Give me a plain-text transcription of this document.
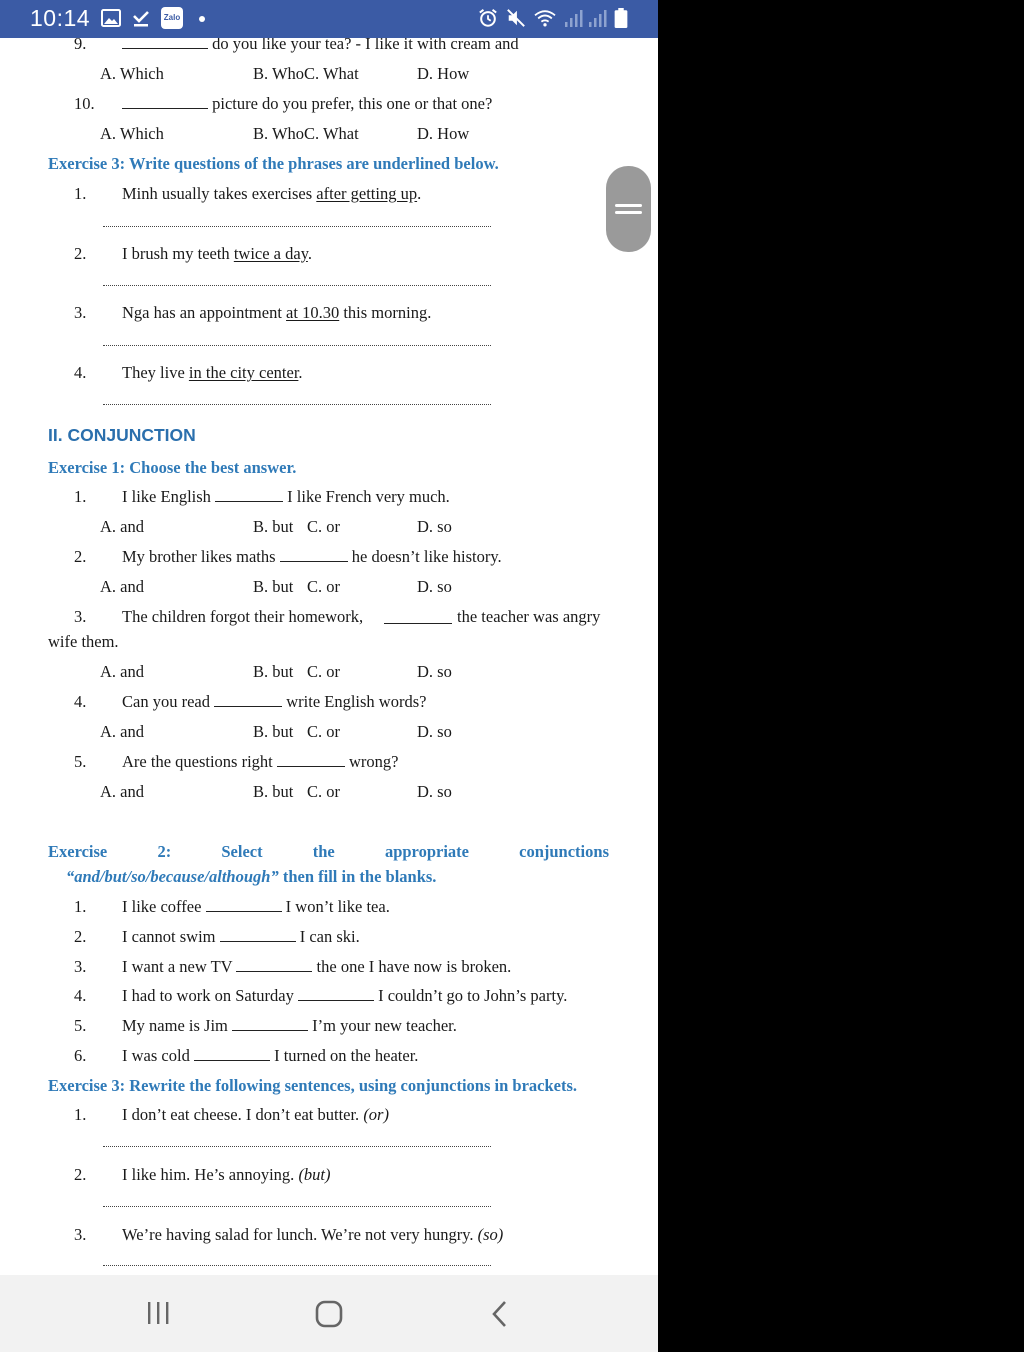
10:14	Zalo
9.	do you like your tea? - I like it with cream and
A. Which	B. WhoC. What	D. How
10.	picture do you prefer, this one or that one?
A. Which	B. WhoC. What	D. How
Exercise 3: Write questions of the phrases are underlined below.
1. Minh usually takes exercises after getting up.
2. I brush my teeth twice a day.
3. Nga has an appointment at 10.30 this morning.
4. They live in the city center.
II. CONJUNCTION
Exercise 1: Choose the best answer.
1. I like English	I like French very much.
A. and	B. but C. or	D. so
2. My brother likes maths	he doesn’t like history.
A. and	B. but C. or	D. so
3. The children forgot their homework,	the teacher was angry
wife them.
A. and	B. but C. or	D. so
4. Can you read	write English words?
A. and	B. but C. or	D. so
5. Are the questions right	wrong?
A. and	B. but C. or	D. so
Exercise	2:	Select	the	appropriate	conjunctions
“and/but/so/because/although” then fill in the blanks.
1. I like coffee	I won’t like tea.
2. I cannot swim	I can ski.
3. I want a new TV	the one I have now is broken.
4. I had to work on Saturday	I couldn’t go to John’s party.
5. My name is Jim	I’m your new teacher.
6. I was cold	I turned on the heater.
Exercise 3: Rewrite the following sentences, using conjunctions in brackets.
1. I don’t eat cheese. I don’t eat butter. (or)
2. I like him. He’s annoying. (but)
3. We’re having salad for lunch. We’re not very hungry. (so)
